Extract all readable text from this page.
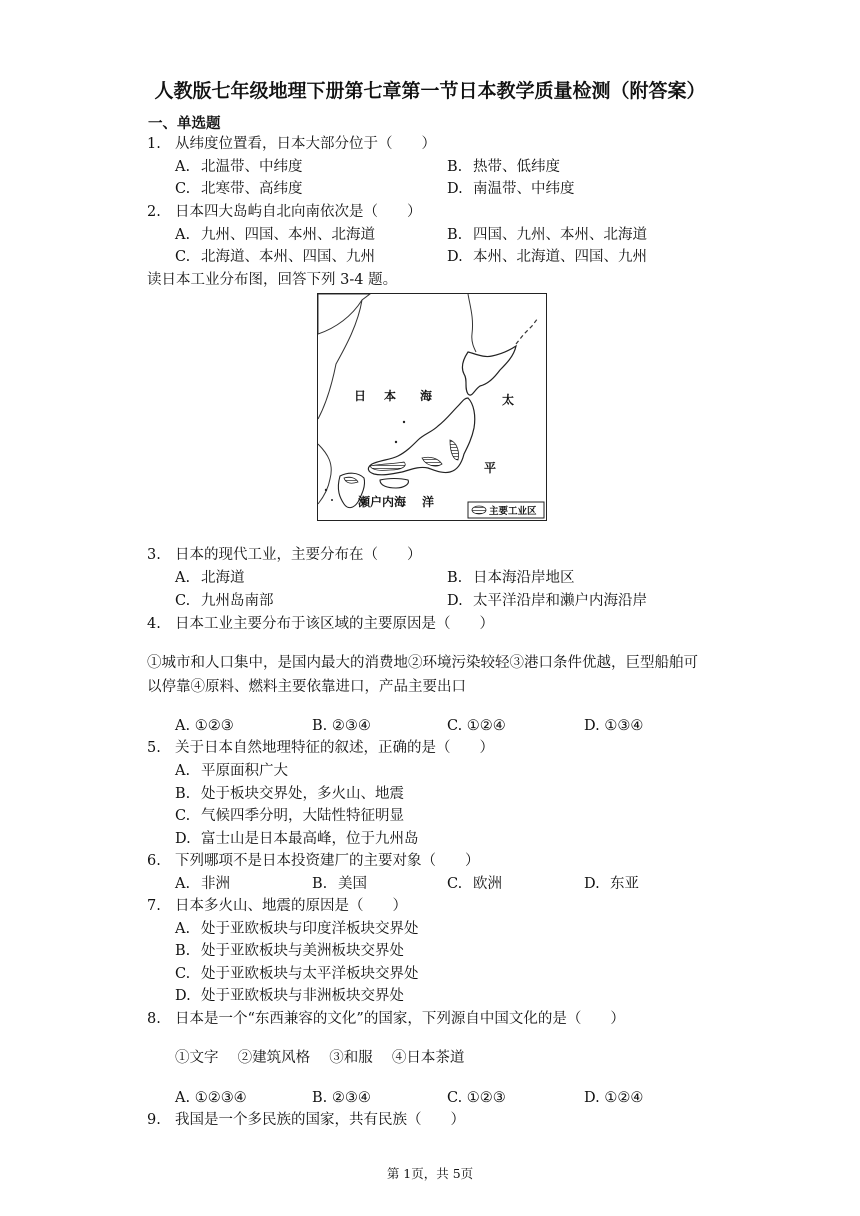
人教版七年级地理下册第七章第一节日本教学质量检测（附答案）
一、单选题
1. 从纬度位置看，日本大部分位于（　　）
A. 北温带、中纬度	B. 热带、低纬度
C. 北寒带、高纬度	D. 南温带、中纬度
2. 日本四大岛屿自北向南依次是（　　）
A. 九州、四国、本州、北海道	B. 四国、九州、本州、北海道
C. 北海道、本州、四国、九州	D. 本州、北海道、四国、九州
读日本工业分布图，回答下列 3-4 题。
日 本 海	太
平
洋
瀬户内海
主要工业区
3. 日本的现代工业，主要分布在（　　）
A. 北海道	B. 日本海沿岸地区
C. 九州岛南部	D. 太平洋沿岸和濑户内海沿岸
4. 日本工业主要分布于该区域的主要原因是（　　）
①城市和人口集中，是国内最大的消费地②环境污染较轻③港口条件优越，巨型船舶可以停靠④原料、燃料主要依靠进口，产品主要出口
A. ①②③	B. ②③④	C. ①②④	D. ①③④
5. 关于日本自然地理特征的叙述，正确的是（　　）
A. 平原面积广大
B. 处于板块交界处，多火山、地震
C. 气候四季分明，大陆性特征明显
D. 富士山是日本最高峰，位于九州岛
6. 下列哪项不是日本投资建厂的主要对象（　　）
A. 非洲	B. 美国	C. 欧洲	D. 东亚
7. 日本多火山、地震的原因是（　　）
A. 处于亚欧板块与印度洋板块交界处
B. 处于亚欧板块与美洲板块交界处
C. 处于亚欧板块与太平洋板块交界处
D. 处于亚欧板块与非洲板块交界处
8. 日本是一个“东西兼容的文化”的国家，下列源自中国文化的是（　　）
①文字　 ②建筑风格　 ③和服　 ④日本茶道
A. ①②③④	B. ②③④	C. ①②③	D. ①②④
9. 我国是一个多民族的国家，共有民族（　　）
第 1页，共 5页
